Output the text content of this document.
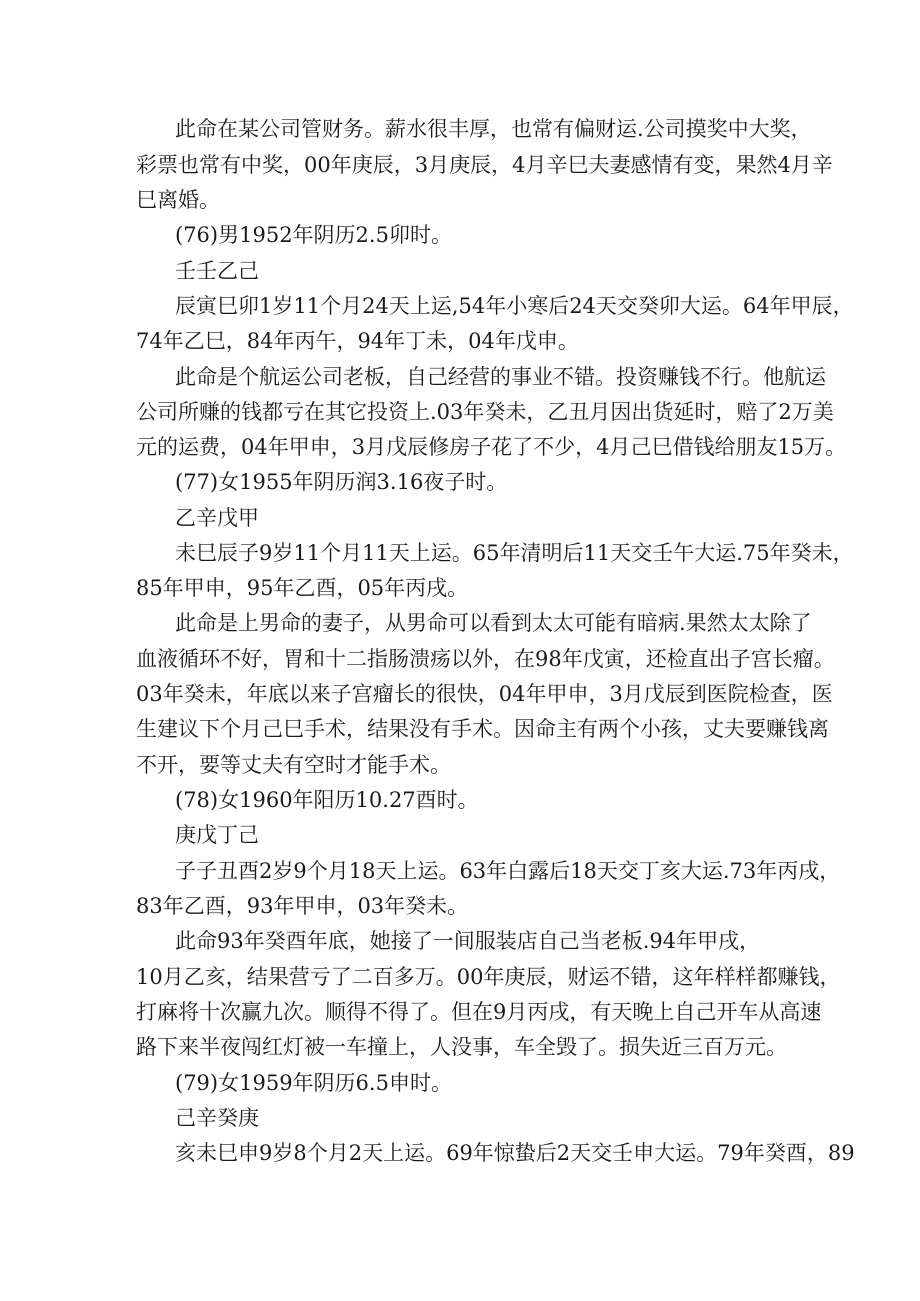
此命在某公司管财务。薪水很丰厚，也常有偏财运.公司摸奖中大奖，
彩票也常有中奖，00年庚辰，3月庚辰，4月辛巳夫妻感情有变，果然4月辛
巳离婚。
(76)男1952年阴历2.5卯时。
壬壬乙己
辰寅巳卯1岁11个月24天上运,54年小寒后24天交癸卯大运。64年甲辰，
74年乙巳，84年丙午，94年丁未，04年戊申。
此命是个航运公司老板，自己经营的事业不错。投资赚钱不行。他航运
公司所赚的钱都亏在其它投资上.03年癸未，乙丑月因出货延时，赔了2万美
元的运费，04年甲申，3月戊辰修房子花了不少，4月己巳借钱给朋友15万。
(77)女1955年阴历润3.16夜子时。
乙辛戊甲
未巳辰子9岁11个月11天上运。65年清明后11天交壬午大运.75年癸未，
85年甲申，95年乙酉，05年丙戌。
此命是上男命的妻子，从男命可以看到太太可能有暗病.果然太太除了
血液循环不好，胃和十二指肠溃疡以外，在98年戊寅，还检直出子宫长瘤。
03年癸未，年底以来子宫瘤长的很快，04年甲申，3月戊辰到医院检查，医
生建议下个月己巳手术，结果没有手术。因命主有两个小孩，丈夫要赚钱离
不开，要等丈夫有空时才能手术。
(78)女1960年阳历10.27酉时。
庚戊丁己
子子丑酉2岁9个月18天上运。63年白露后18天交丁亥大运.73年丙戌，
83年乙酉，93年甲申，03年癸未。
此命93年癸酉年底，她接了一间服装店自己当老板.94年甲戌，
10月乙亥，结果营亏了二百多万。00年庚辰，财运不错，这年样样都赚钱，
打麻将十次赢九次。顺得不得了。但在9月丙戌，有天晚上自己开车从高速
路下来半夜闯红灯被一车撞上，人没事，车全毁了。损失近三百万元。
(79)女1959年阴历6.5申时。
己辛癸庚
亥未巳申9岁8个月2天上运。69年惊蛰后2天交壬申大运。79年癸酉，89
